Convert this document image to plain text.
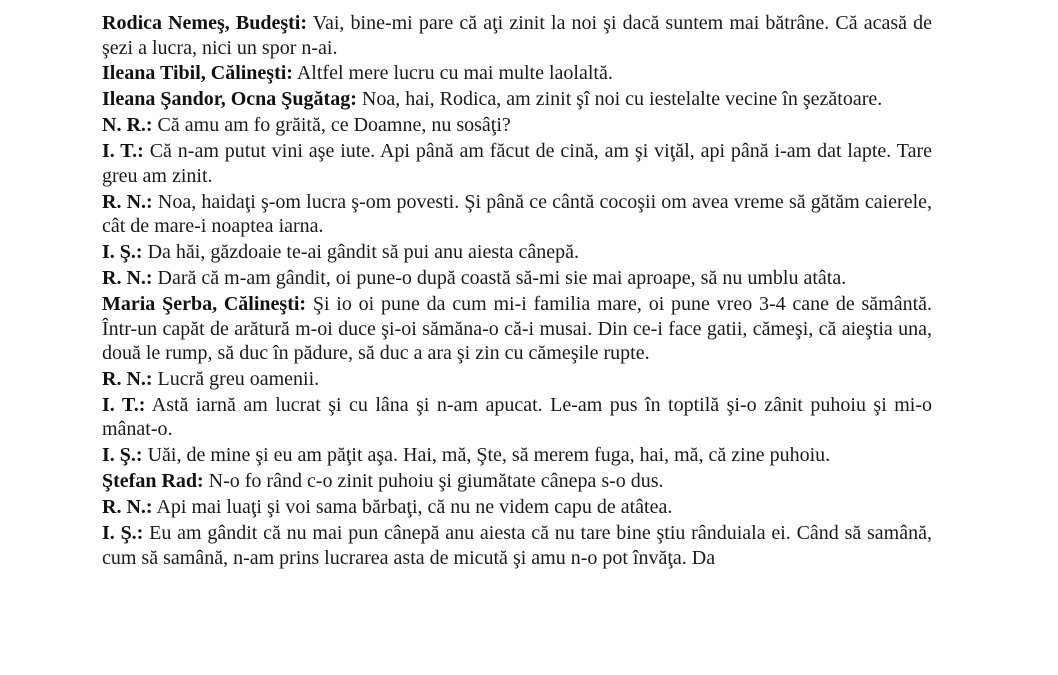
Rodica Nemeş, Budeşti: Vai, bine-mi pare că aţi zinit la noi şi dacă suntem mai bătrâne. Că acasă de şezi a lucra, nici un spor n-ai.

Ileana Tibil, Călineşti: Altfel mere lucru cu mai multe laolaltă.

Ileana Şandor, Ocna Şugătag: Noa, hai, Rodica, am zinit şî noi cu iestelalte vecine în şezătoare.

N. R.: Că amu am fo grăită, ce Doamne, nu sosâţi?

I. T.: Că n-am putut vini aşe iute. Api până am făcut de cină, am şi viţăl, api până i-am dat lapte. Tare greu am zinit.

R. N.: Noa, haidaţi ş-om lucra ş-om povesti. Şi până ce cântă cocoşii om avea vreme să gătăm caierele, cât de mare-i noaptea iarna.

I. Ş.: Da hăi, găzdoaie te-ai gândit să pui anu aiesta cânepă.

R. N.: Dară că m-am gândit, oi pune-o după coastă să-mi sie mai aproape, să nu umblu atâta.

Maria Şerba, Călineşti: Şi io oi pune da cum mi-i familia mare, oi pune vreo 3-4 cane de sământă. Într-un capăt de arătură m-oi duce şi-oi sămăna-o că-i musai. Din ce-i face gatii, cămeşi, că aieştia una, două le rump, să duc în pădure, să duc a ara şi zin cu cămeşile rupte.

R. N.: Lucră greu oamenii.

I. T.: Astă iarnă am lucrat şi cu lâna şi n-am apucat. Le-am pus în toptilă şi-o zânit puhoiu şi mi-o mânat-o.

I. Ş.: Uăi, de mine şi eu am păţit aşa. Hai, mă, Şte, să merem fuga, hai, mă, că zine puhoiu.

Ştefan Rad: N-o fo rând c-o zinit puhoiu şi giumătate cânepa s-o dus.

R. N.: Api mai luaţi şi voi sama bărbaţi, că nu ne videm capu de atâtea.

I. Ş.: Eu am gândit că nu mai pun cânepă anu aiesta că nu tare bine ştiu rânduiala ei. Când să samână, cum să samână, n-am prins lucrarea asta de micută şi amu n-o pot învăţa. Da
